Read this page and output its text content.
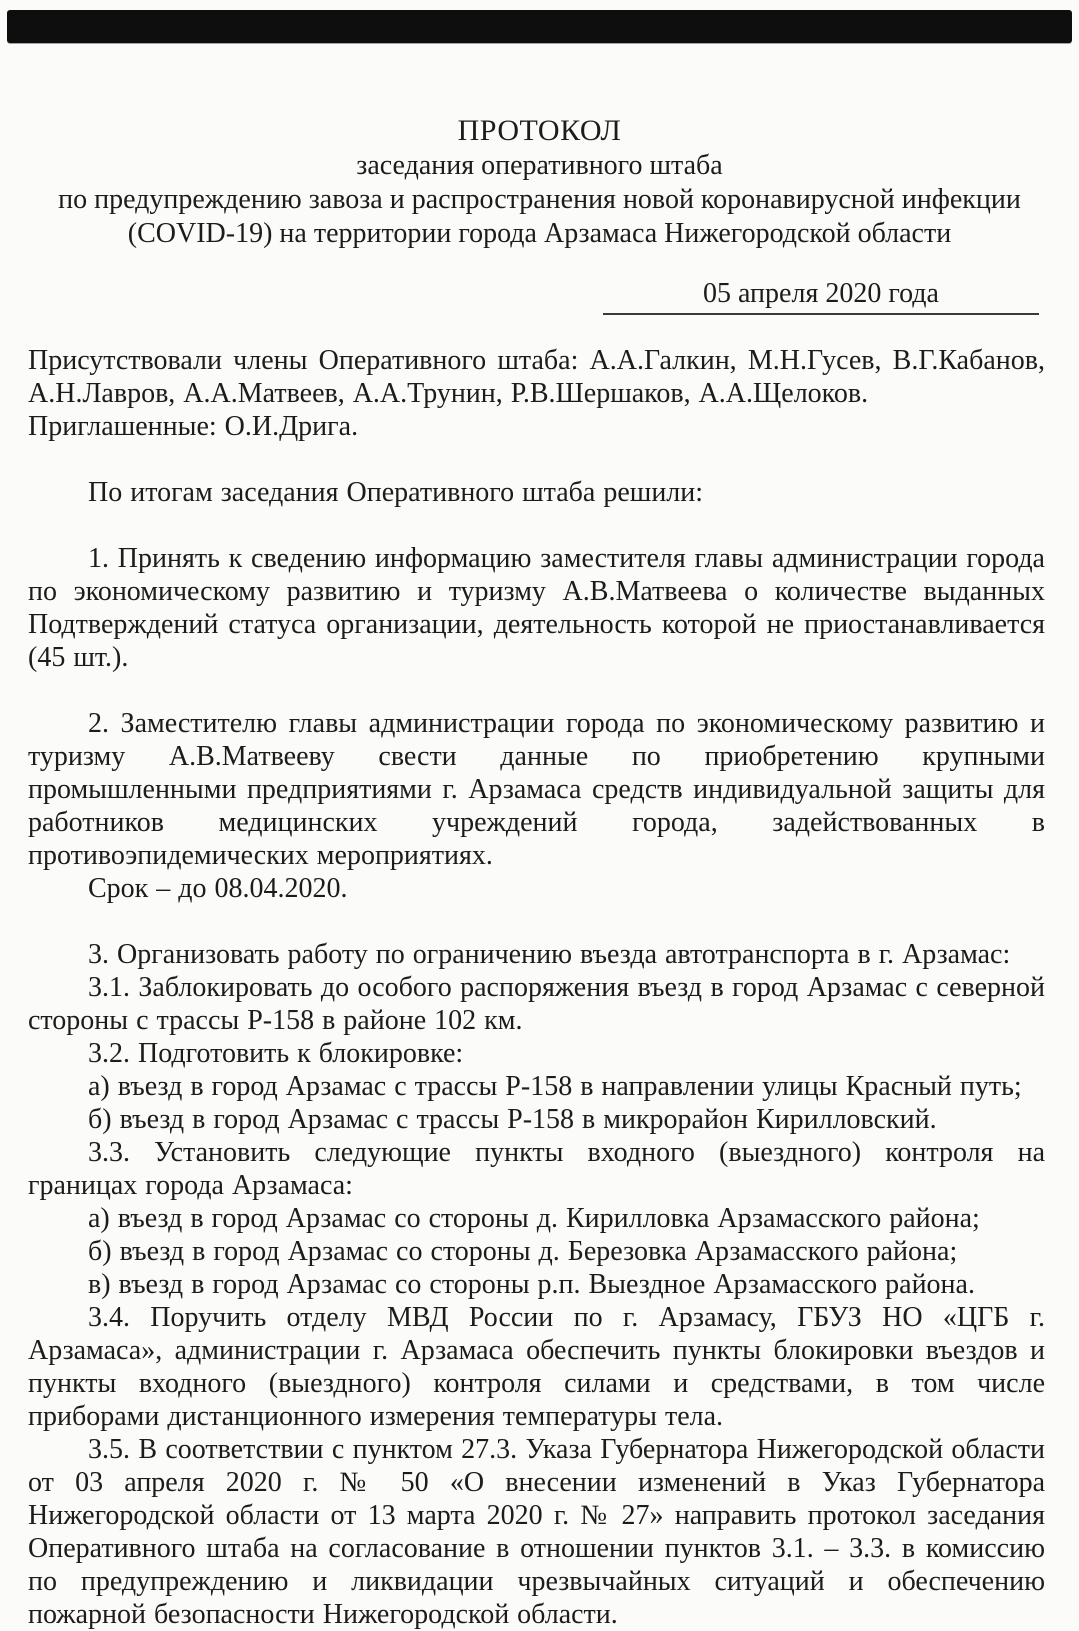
ПРОТОКОЛ
заседания оперативного штаба
по предупреждению завоза и распространения новой коронавирусной инфекции
(COVID-19) на территории города Арзамаса Нижегородской области
05 апреля 2020 года

Присутствовали члены Оперативного штаба: А.А.Галкин, М.Н.Гусев, В.Г.Кабанов, А.Н.Лавров, А.А.Матвеев, А.А.Трунин, Р.В.Шершаков, А.А.Щелоков.

Приглашенные: О.И.Дрига.

По итогам заседания Оперативного штаба решили:

1. Принять к сведению информацию заместителя главы администрации города по экономическому развитию и туризму А.В.Матвеева о количестве выданных Подтверждений статуса организации, деятельность которой не приостанавливается (45 шт.).

2. Заместителю главы администрации города по экономическому развитию и туризму А.В.Матвееву свести данные по приобретению крупными промышленными предприятиями г. Арзамаса средств индивидуальной защиты для работников медицинских учреждений города, задействованных в противоэпидемических мероприятиях.

Срок – до 08.04.2020.

3. Организовать работу по ограничению въезда автотранспорта в г. Арзамас:

3.1. Заблокировать до особого распоряжения въезд в город Арзамас с северной стороны с трассы Р-158 в районе 102 км.

3.2. Подготовить к блокировке:

а) въезд в город Арзамас с трассы Р-158 в направлении улицы Красный путь;

б) въезд в город Арзамас с трассы Р-158 в микрорайон Кирилловский.

3.3. Установить следующие пункты входного (выездного) контроля на границах города Арзамаса:

а) въезд в город Арзамас со стороны д. Кирилловка Арзамасского района;

б) въезд в город Арзамас со стороны д. Березовка Арзамасского района;

в) въезд в город Арзамас со стороны р.п. Выездное Арзамасского района.

3.4. Поручить отделу МВД России по г. Арзамасу, ГБУЗ НО «ЦГБ г. Арзамаса», администрации г. Арзамаса обеспечить пункты блокировки въездов и пункты входного (выездного) контроля силами и средствами, в том числе приборами дистанционного измерения температуры тела.

3.5. В соответствии с пунктом 27.3. Указа Губернатора Нижегородской области от 03 апреля 2020 г. № 50 «О внесении изменений в Указ Губернатора Нижегородской области от 13 марта 2020 г. № 27» направить протокол заседания Оперативного штаба на согласование в отношении пунктов 3.1. – 3.3. в комиссию по предупреждению и ликвидации чрезвычайных ситуаций и обеспечению пожарной безопасности Нижегородской области.
